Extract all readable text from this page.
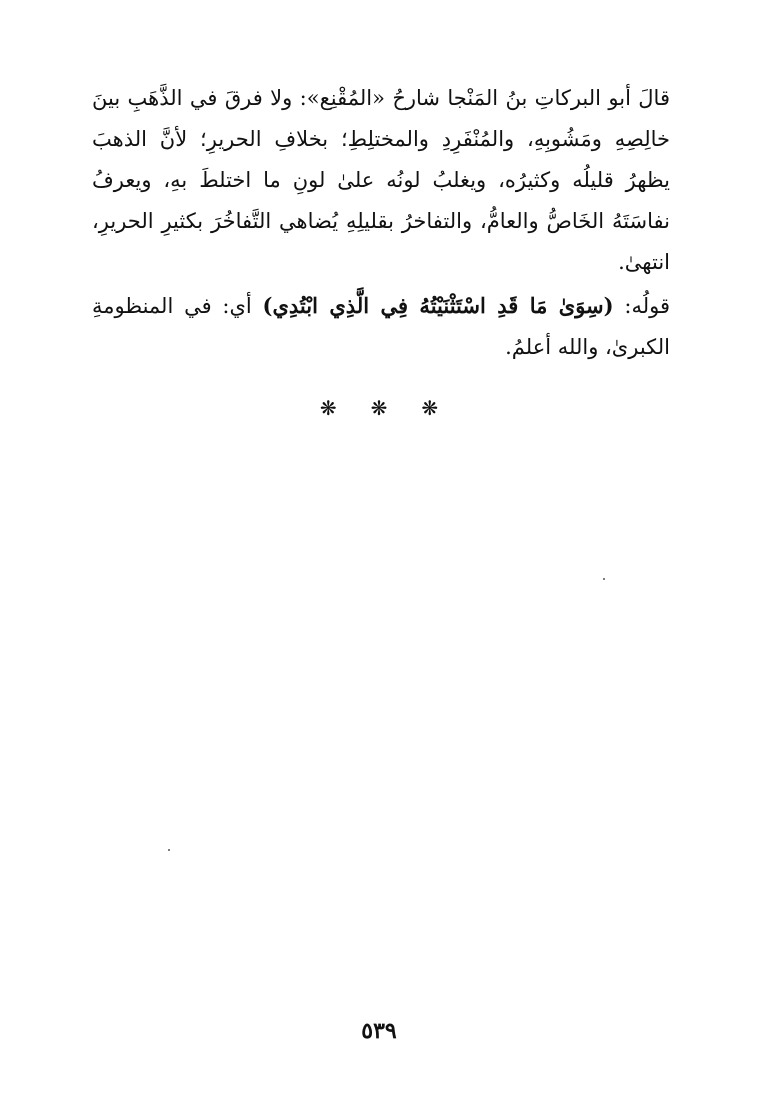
قالَ أبو البركاتِ بنُ المَنْجا شارحُ «المُقْنِع»: ولا فرقَ في الذَّهَبِ بينَ خالِصِهِ ومَشُوبِهِ، والمُنْفَرِدِ والمختلِطِ؛ بخلافِ الحريرِ؛ لأنَّ الذهبَ يظهرُ قليلُه وكثيرُه، ويغلبُ لونُه علىٰ لونِ ما اختلطَ بهِ، ويعرفُ نفاسَتَهُ الخَاصُّ والعامُّ، والتفاخرُ بقليلِهِ يُضاهي التَّفاخُرَ بكثيرِ الحريرِ، انتهىٰ.

قولُه: (سِوَىٰ مَا قَدِ اسْتَثْنَيْتُهُ فِي الَّذِي ابْتُدِي) أي: في المنظومةِ الكبرىٰ، والله أعلمُ.

❋ ❋ ❋
٥٣٩
